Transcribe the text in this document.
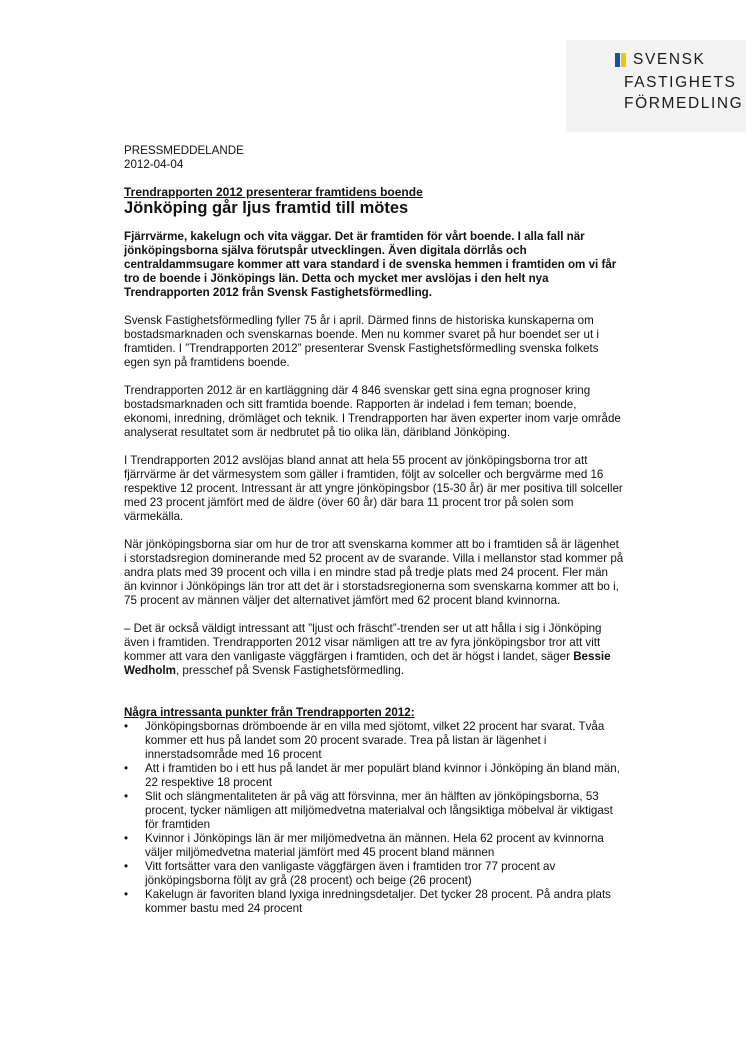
SVENSK
FASTIGHETS
FÖRMEDLING

PRESSMEDDELANDE

2012-04-04

Trendrapporten 2012 presenterar framtidens boende

Jönköping går ljus framtid till mötes

Fjärrvärme, kakelugn och vita väggar. Det är framtiden för vårt boende. I alla fall när jönköpingsborna själva förutspår utvecklingen. Även digitala dörrlås och centraldammsugare kommer att vara standard i de svenska hemmen i framtiden om vi får tro de boende i Jönköpings län. Detta och mycket mer avslöjas i den helt nya Trendrapporten 2012 från Svensk Fastighetsförmedling.

Svensk Fastighetsförmedling fyller 75 år i april. Därmed finns de historiska kunskaperna om bostadsmarknaden och svenskarnas boende. Men nu kommer svaret på hur boendet ser ut i framtiden. I ”Trendrapporten 2012” presenterar Svensk Fastighetsförmedling svenska folkets egen syn på framtidens boende.

Trendrapporten 2012 är en kartläggning där 4 846 svenskar gett sina egna prognoser kring bostadsmarknaden och sitt framtida boende. Rapporten är indelad i fem teman; boende, ekonomi, inredning, drömläget och teknik. I Trendrapporten har även experter inom varje område analyserat resultatet som är nedbrutet på tio olika län, däribland Jönköping.

I Trendrapporten 2012 avslöjas bland annat att hela 55 procent av jönköpingsborna tror att fjärrvärme är det värmesystem som gäller i framtiden, följt av solceller och bergvärme med 16 respektive 12 procent. Intressant är att yngre jönköpingsbor (15-30 år) är mer positiva till solceller med 23 procent jämfört med de äldre (över 60 år) där bara 11 procent tror på solen som värmekälla.

När jönköpingsborna siar om hur de tror att svenskarna kommer att bo i framtiden så är lägenhet i storstadsregion dominerande med 52 procent av de svarande. Villa i mellanstor stad kommer på andra plats med 39 procent och villa i en mindre stad på tredje plats med 24 procent. Fler män än kvinnor i Jönköpings län tror att det är i storstadsregionerna som svenskarna kommer att bo i, 75 procent av männen väljer det alternativet jämfört med 62 procent bland kvinnorna.

– Det är också väldigt intressant att ”ljust och fräscht”-trenden ser ut att hålla i sig i Jönköping även i framtiden. Trendrapporten 2012 visar nämligen att tre av fyra jönköpingsbor tror att vitt kommer att vara den vanligaste väggfärgen i framtiden, och det är högst i landet, säger Bessie Wedholm, presschef på Svensk Fastighetsförmedling.

Några intressanta punkter från Trendrapporten 2012:

• Jönköpingsbornas drömboende är en villa med sjötomt, vilket 22 procent har svarat. Tvåa kommer ett hus på landet som 20 procent svarade. Trea på listan är lägenhet i innerstadsområde med 16 procent
• Att i framtiden bo i ett hus på landet är mer populärt bland kvinnor i Jönköping än bland män, 22 respektive 18 procent
• Slit och slängmentaliteten är på väg att försvinna, mer än hälften av jönköpingsborna, 53 procent, tycker nämligen att miljömedvetna materialval och långsiktiga möbelval är viktigast för framtiden
• Kvinnor i Jönköpings län är mer miljömedvetna än männen. Hela 62 procent av kvinnorna väljer miljömedvetna material jämfört med 45 procent bland männen
• Vitt fortsätter vara den vanligaste väggfärgen även i framtiden tror 77 procent av jönköpingsborna följt av grå (28 procent) och beige (26 procent)
• Kakelugn är favoriten bland lyxiga inredningsdetaljer. Det tycker 28 procent. På andra plats kommer bastu med 24 procent
